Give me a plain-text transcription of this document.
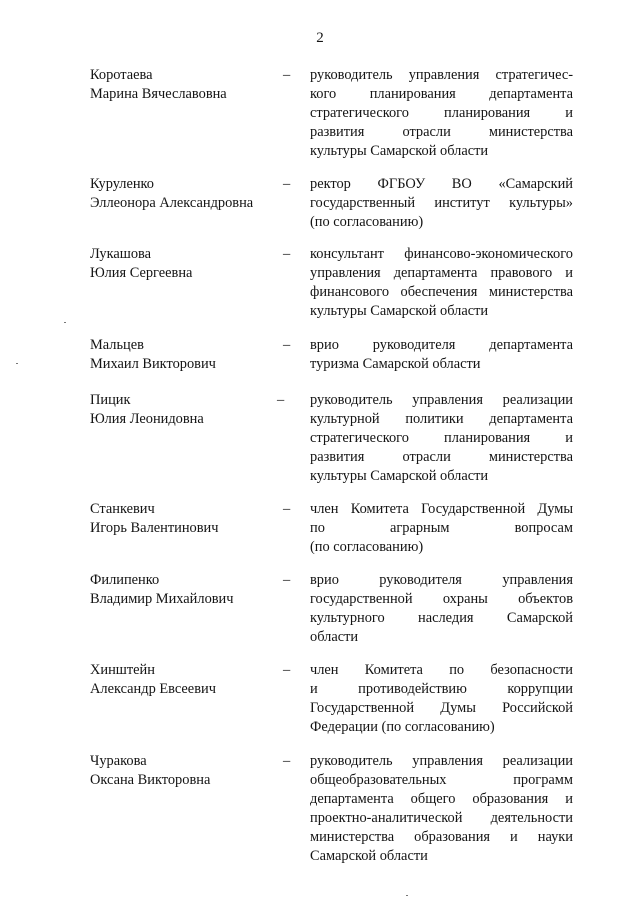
2
Коротаева
Марина Вячеславовна
– руководитель управления стратегичес-
кого планирования департамента
стратегического планирования и
развития отрасли министерства
культуры Самарской области
Куруленко
Эллеонора Александровна
– ректор ФГБОУ ВО «Самарский
государственный институт культуры»
(по согласованию)
Лукашова
Юлия Сергеевна
– консультант финансово-экономического
управления департамента правового и
финансового обеспечения министерства
культуры Самарской области
Мальцев
Михаил Викторович
– врио руководителя департамента
туризма Самарской области
Пицик
Юлия Леонидовна
– руководитель управления реализации
культурной политики департамента
стратегического планирования и
развития отрасли министерства
культуры Самарской области
Станкевич
Игорь Валентинович
– член Комитета Государственной Думы
по аграрным вопросам
(по согласованию)
Филипенко
Владимир Михайлович
– врио руководителя управления
государственной охраны объектов
культурного наследия Самарской
области
Хинштейн
Александр Евсеевич
– член Комитета по безопасности
и противодействию коррупции
Государственной Думы Российской
Федерации (по согласованию)
Чуракова
Оксана Викторовна
– руководитель управления реализации
общеобразовательных программ
департамента общего образования и
проектно-аналитической деятельности
министерства образования и науки
Самарской области
